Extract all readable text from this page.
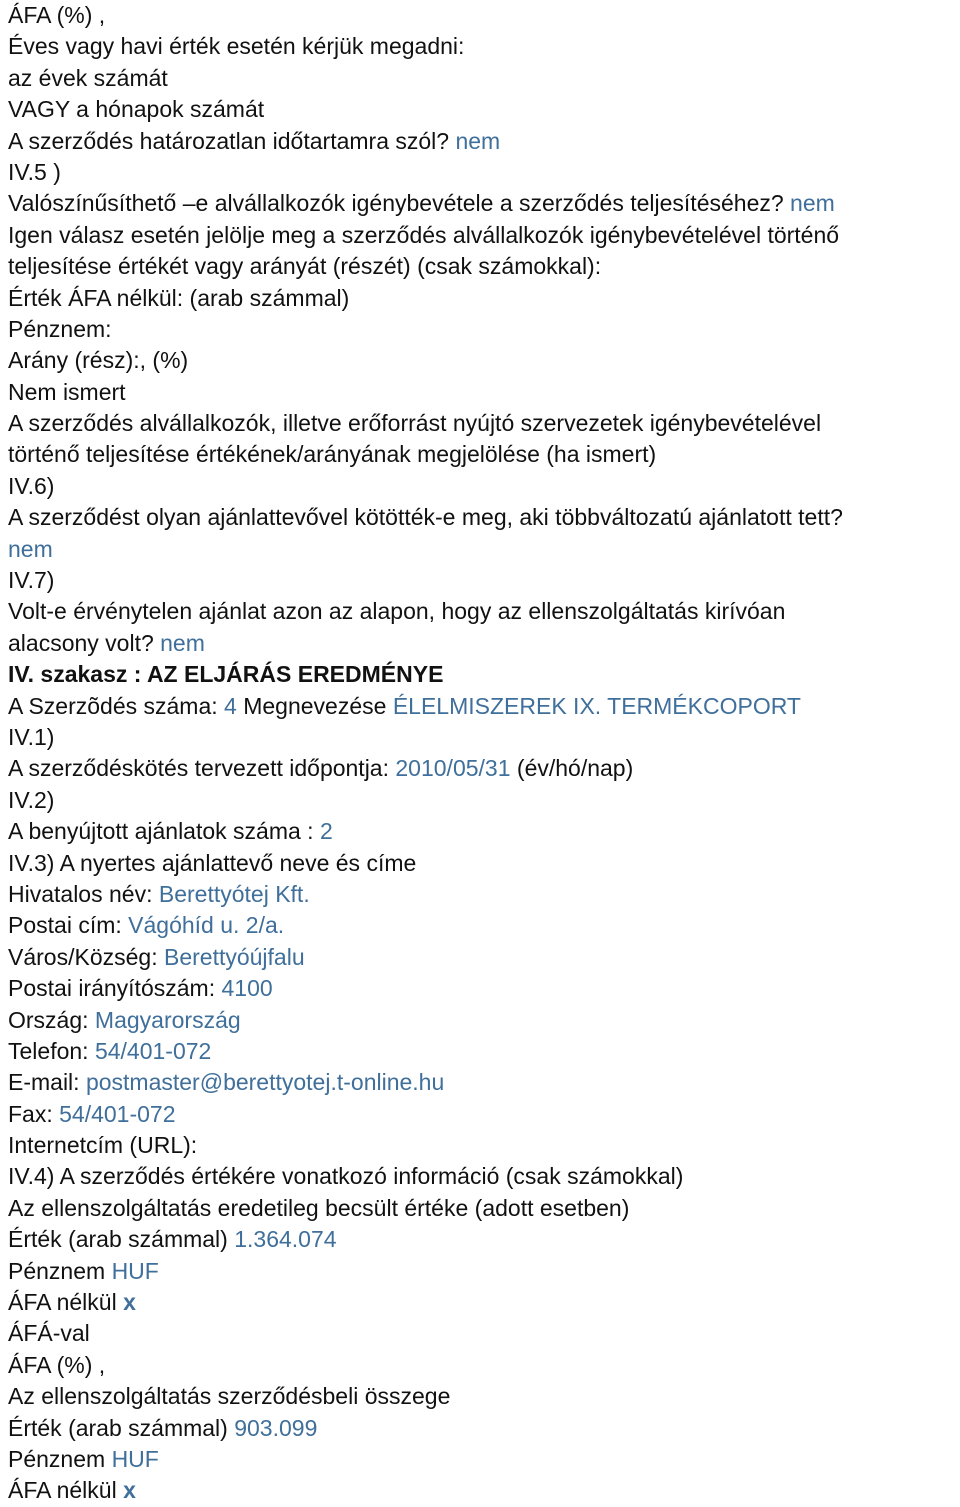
ÁFA (%) ,
Éves vagy havi érték esetén kérjük megadni:
az évek számát
VAGY a hónapok számát
A szerződés határozatlan időtartamra szól? nem
IV.5 )
Valószínűsíthető –e alvállalkozók igénybevétele a szerződés teljesítéséhez? nem
Igen válasz esetén jelölje meg a szerződés alvállalkozók igénybevételével történő
teljesítése értékét vagy arányát (részét) (csak számokkal):
Érték ÁFA nélkül: (arab számmal)
Pénznem:
Arány (rész):, (%)
Nem ismert
A szerződés alvállalkozók, illetve erőforrást nyújtó szervezetek igénybevételével
történő teljesítése értékének/arányának megjelölése (ha ismert)
IV.6)
A szerződést olyan ajánlattevővel kötötték-e meg, aki többváltozatú ajánlatott tett?
nem
IV.7)
Volt-e érvénytelen ajánlat azon az alapon, hogy az ellenszolgáltatás kirívóan
alacsony volt? nem
IV. szakasz : AZ ELJÁRÁS EREDMÉNYE
A Szerzõdés száma: 4 Megnevezése ÉLELMISZEREK IX. TERMÉKCOPORT
IV.1)
A szerződéskötés tervezett időpontja: 2010/05/31 (év/hó/nap)
IV.2)
A benyújtott ajánlatok száma : 2
IV.3) A nyertes ajánlattevő neve és címe
Hivatalos név: Berettyótej Kft.
Postai cím: Vágóhíd u. 2/a.
Város/Község: Berettyóújfalu
Postai irányítószám: 4100
Ország: Magyarország
Telefon: 54/401-072
E-mail: postmaster@berettyotej.t-online.hu
Fax: 54/401-072
Internetcím (URL):
IV.4) A szerződés értékére vonatkozó információ (csak számokkal)
Az ellenszolgáltatás eredetileg becsült értéke (adott esetben)
Érték (arab számmal) 1.364.074
Pénznem HUF
ÁFA nélkül x
ÁFÁ-val
ÁFA (%) ,
Az ellenszolgáltatás szerződésbeli összege
Érték (arab számmal) 903.099
Pénznem HUF
ÁFA nélkül x
